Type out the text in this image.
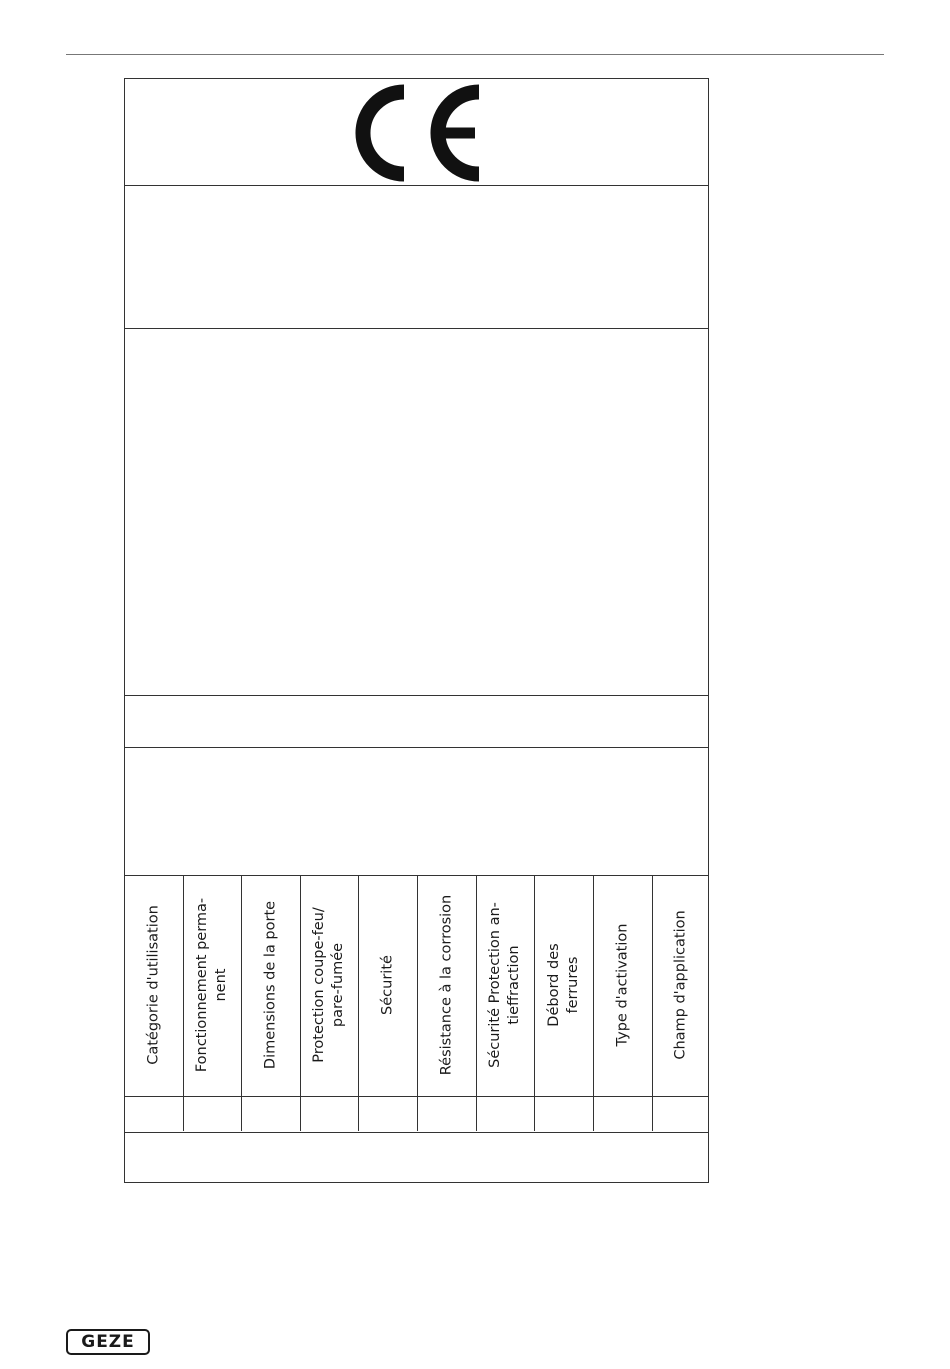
Catégorie d'utilisation Fonctionnement perma-
nent Dimensions de la porte Protection coupe-feu/
pare-fumée Sécurité	Résistance à la corrosion Sécurité Protection an-
tieffraction Débord des
ferrures Type d'activation	Champ d'application
GEZE
